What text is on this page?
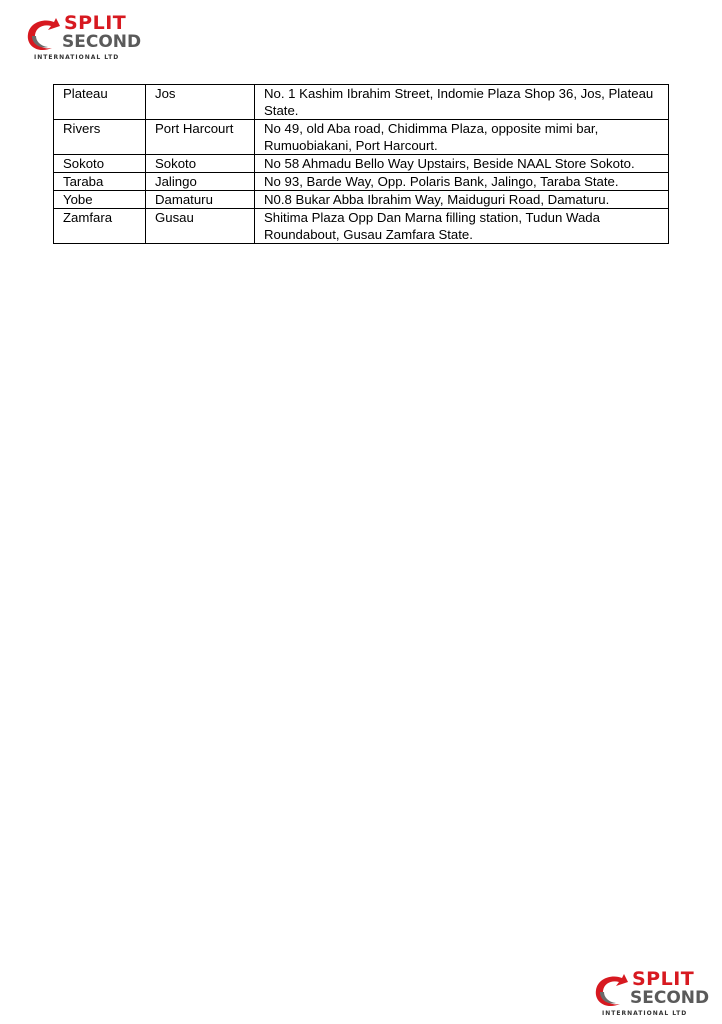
SPLIT
SECOND
INTERNATIONAL LTD
Plateau	Jos	No. 1 Kashim Ibrahim Street, Indomie Plaza Shop 36, Jos, Plateau State.
Rivers	Port Harcourt	No 49, old Aba road, Chidimma Plaza, opposite mimi bar, Rumuobiakani, Port Harcourt.
Sokoto	Sokoto	No 58 Ahmadu Bello Way Upstairs, Beside NAAL Store Sokoto.
Taraba	Jalingo	No 93, Barde Way, Opp. Polaris Bank, Jalingo, Taraba State.
Yobe	Damaturu	N0.8 Bukar Abba Ibrahim Way, Maiduguri Road, Damaturu.
Zamfara	Gusau	Shitima Plaza Opp Dan Marna filling station, Tudun Wada Roundabout, Gusau Zamfara State.
SPLIT
SECOND
INTERNATIONAL LTD
